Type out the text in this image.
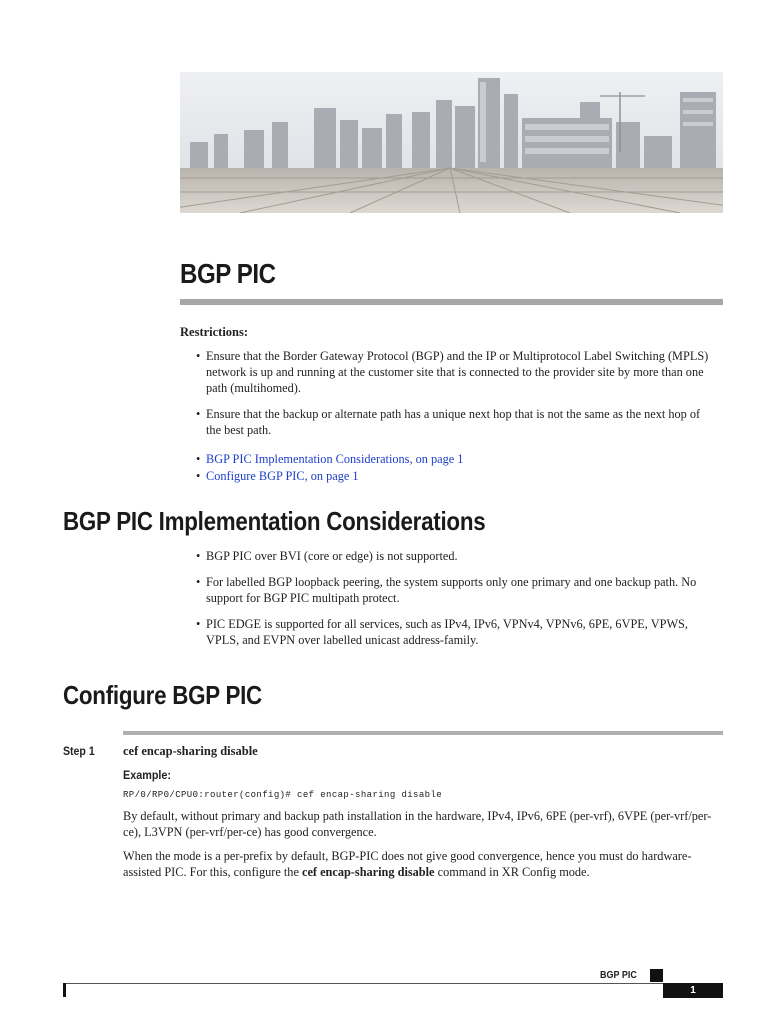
BGP PIC
Restrictions:
• Ensure that the Border Gateway Protocol (BGP) and the IP or Multiprotocol Label Switching (MPLS) network is up and running at the customer site that is connected to the provider site by more than one path (multihomed).
• Ensure that the backup or alternate path has a unique next hop that is not the same as the next hop of the best path.
• BGP PIC Implementation Considerations, on page 1
• Configure BGP PIC, on page 1
BGP PIC Implementation Considerations
• BGP PIC over BVI (core or edge) is not supported.
• For labelled BGP loopback peering, the system supports only one primary and one backup path. No support for BGP PIC multipath protect.
• PIC EDGE is supported for all services, such as IPv4, IPv6, VPNv4, VPNv6, 6PE, 6VPE, VPWS, VPLS, and EVPN over labelled unicast address-family.
Configure BGP PIC
Step 1 cef encap-sharing disable
Example:
RP/0/RP0/CPU0:router(config)# cef encap-sharing disable
By default, without primary and backup path installation in the hardware, IPv4, IPv6, 6PE (per-vrf), 6VPE (per-vrf/per-ce), L3VPN (per-vrf/per-ce) has good convergence.
When the mode is a per-prefix by default, BGP-PIC does not give good convergence, hence you must do hardware-assisted PIC. For this, configure the cef encap-sharing disable command in XR Config mode.
BGP PIC
1
